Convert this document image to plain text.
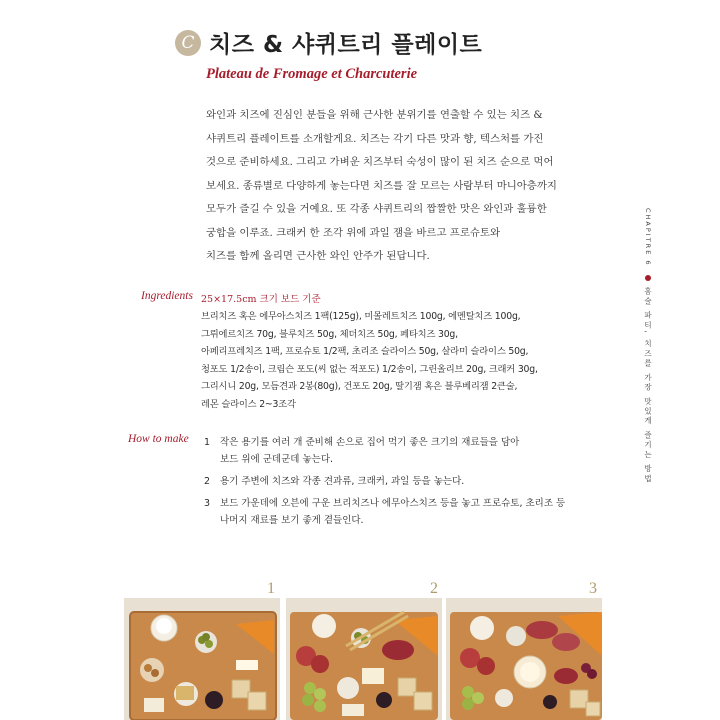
C 치즈 & 샤퀴트리 플레이트
Plateau de Fromage et Charcuterie
와인과 치즈에 진심인 분들을 위해 근사한 분위기를 연출할 수 있는 치즈 &
샤퀴트리 플레이트를 소개할게요. 치즈는 각기 다른 맛과 향, 텍스처를 가진
것으로 준비하세요. 그리고 가벼운 치즈부터 숙성이 많이 된 치즈 순으로 먹어
보세요. 종류별로 다양하게 놓는다면 치즈를 잘 모르는 사람부터 마니아층까지
모두가 즐길 수 있을 거예요. 또 각종 샤퀴트리의 짭짤한 맛은 와인과 훌륭한
궁합을 이루죠. 크래커 한 조각 위에 과일 잼을 바르고 프로슈토와
치즈를 함께 올리면 근사한 와인 안주가 된답니다.	CHAPITRE 6
홈술 파티, 치즈를 가장 맛있게 즐기는 방법
Ingredients 25×17.5cm 크기 보드 기준
브리치즈 혹은 에무아스치즈 1팩(125g), 미몰레트치즈 100g, 에멘탈치즈 100g,
그뤼에르치즈 70g, 블루치즈 50g, 체더치즈 50g, 페타치즈 30g,
아페리프레치즈 1팩, 프로슈토 1/2팩, 초리조 슬라이스 50g, 살라미 슬라이스 50g,
청포도 1/2송이, 크림슨 포도(씨 없는 적포도) 1/2송이, 그린올리브 20g, 크래커 30g,
그리시니 20g, 모듬견과 2봉(80g), 건포도 20g, 딸기잼 혹은 블루베리잼 2큰술,
레몬 슬라이스 2~3조각
How to make 1	작은 용기를 여러 개 준비해 손으로 집어 먹기 좋은 크기의 재료들을 담아
보드 위에 군데군데 놓는다.
2	용기 주변에 치즈와 각종 견과류, 크래커, 과일 등을 놓는다.
3	보드 가운데에 오븐에 구운 브리치즈나 에무아스치즈 등을 놓고 프로슈토, 초리조 등
나머지 재료를 보기 좋게 곁들인다.
1	2	3
